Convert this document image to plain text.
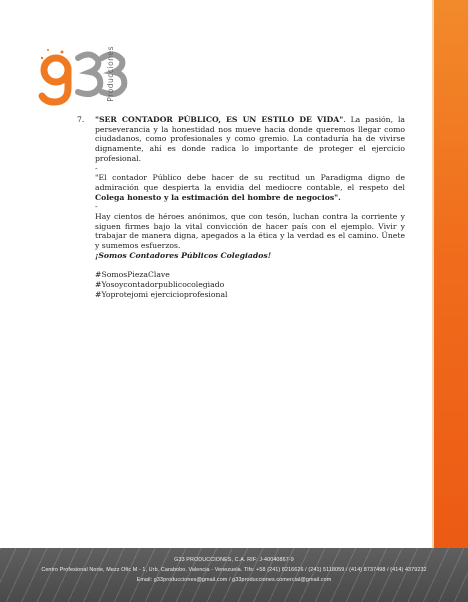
Producciones
7.	"SER CONTADOR PÚBLICO, ES UN ESTILO DE VIDA". La pasión, la perseverancia y la honestidad nos mueve hacia donde queremos llegar como ciudadanos, como profesionales y como gremio. La contaduría ha de vivirse dignamente, ahí es donde radica lo importante de proteger el ejercicio profesional.

-

"El contador Público debe hacer de su rectitud un Paradigma digno de admiración que despierta la envidia del mediocre contable, el respeto del Colega honesto y la estimación del hombre de negocios".

-

Hay cientos de héroes anónimos, que con tesón, luchan contra la corriente y siguen firmes bajo la vital convicción de hacer país con el ejemplo. Vivir y trabajar de manera digna, apegados a la ética y la verdad es el camino. Únete y sumemos esfuerzos.

¡Somos Contadores Públicos Colegiados!

#SomosPiezaClave

#Yosoycontadorpublicocolegiado

#Yoprotejomi ejercicioprofesional

G33 PRODUCCIONES, C.A. RIF: J-40040867-9
Centro Profesional Norte, Mezz Ofic M - 1, Urb. Carabobo. Valencia - Venezuela. Tlfs: +58 (241) 8216626 / (241) 5118059 / (414) 8737498 / (414) 4379232
Email: g33producciones@gmail.com / g33producciones.comercial@gmail.com
